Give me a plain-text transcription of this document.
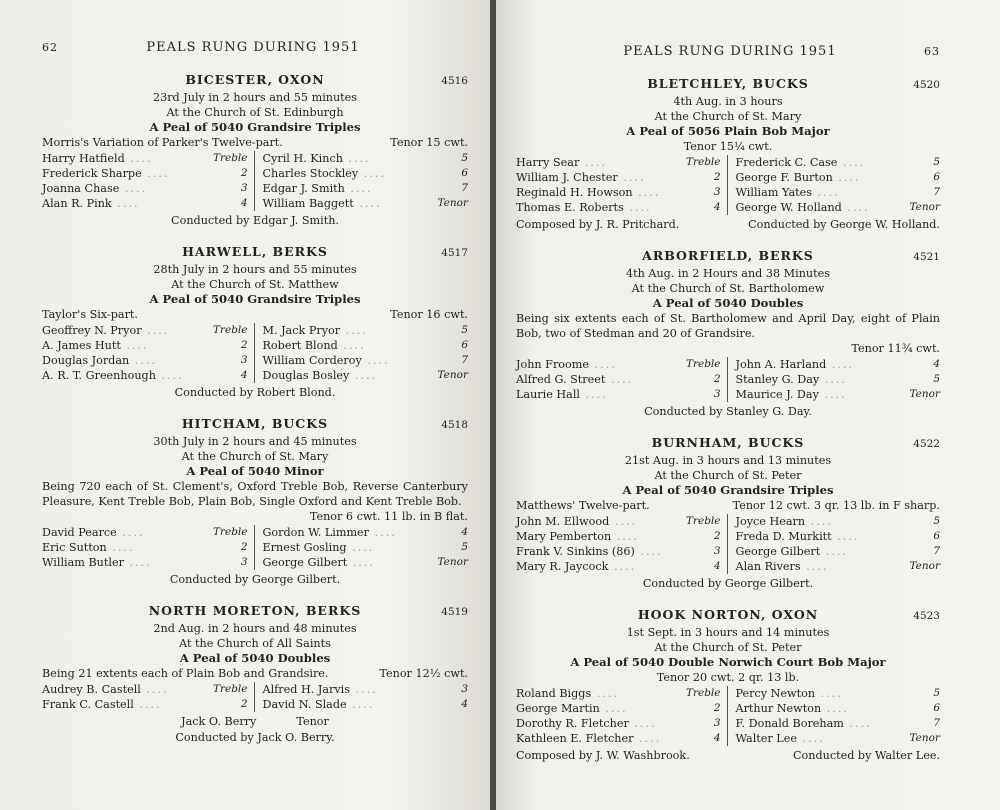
62	PEALS RUNG DURING 1951
BICESTER, OXON	4516
23rd July in 2 hours and 55 minutes
At the Church of St. Edinburgh
A Peal of 5040 Grandsire Triples
Morris's Variation of Parker's Twelve-part.	Tenor 15 cwt.
Harry Hatfield ....	Treble
Frederick Sharpe ....	2
Joanna Chase ....	3
Alan R. Pink ....	4
Cyril H. Kinch ....	5
Charles Stockley ....	6
Edgar J. Smith ....	7
William Baggett ....	Tenor
Conducted by Edgar J. Smith.
HARWELL, BERKS	4517
28th July in 2 hours and 55 minutes
At the Church of St. Matthew
A Peal of 5040 Grandsire Triples
Taylor's Six-part.	Tenor 16 cwt.
Geoffrey N. Pryor ....	Treble
A. James Hutt ....	2
Douglas Jordan ....	3
A. R. T. Greenhough ....	4
M. Jack Pryor ....	5
Robert Blond ....	6
William Corderoy ....	7
Douglas Bosley ....	Tenor
Conducted by Robert Blond.
HITCHAM, BUCKS	4518
30th July in 2 hours and 45 minutes
At the Church of St. Mary
A Peal of 5040 Minor
Being 720 each of St. Clement's, Oxford Treble Bob, Reverse Canterbury Pleasure, Kent Treble Bob, Plain Bob, Single Oxford and Kent Treble Bob.
Tenor 6 cwt. 11 lb. in B flat.
David Pearce ....	Treble
Eric Sutton ....	2
William Butler ....	3
Gordon W. Limmer ....	4
Ernest Gosling ....	5
George Gilbert ....	Tenor
Conducted by George Gilbert.
NORTH MORETON, BERKS	4519
2nd Aug. in 2 hours and 48 minutes
At the Church of All Saints
A Peal of 5040 Doubles
Being 21 extents each of Plain Bob and Grandsire.	Tenor 12½ cwt.
Audrey B. Castell ....	Treble
Frank C. Castell ....	2
Alfred H. Jarvis ....	3
David N. Slade ....	4
Jack O. Berry	Tenor
Conducted by Jack O. Berry.
PEALS RUNG DURING 1951	63
BLETCHLEY, BUCKS	4520
4th Aug. in 3 hours
At the Church of St. Mary
A Peal of 5056 Plain Bob Major
Tenor 15¼ cwt.
Harry Sear ....	Treble
William J. Chester ....	2
Reginald H. Howson ....	3
Thomas E. Roberts ....	4
Frederick C. Case ....	5
George F. Burton ....	6
William Yates ....	7
George W. Holland ....	Tenor
Composed by J. R. Pritchard.	Conducted by George W. Holland.
ARBORFIELD, BERKS	4521
4th Aug. in 2 Hours and 38 Minutes
At the Church of St. Bartholomew
A Peal of 5040 Doubles
Being six extents each of St. Bartholomew and April Day, eight of Plain Bob, two of Stedman and 20 of Grandsire.
Tenor 11¾ cwt.
John Froome ....	Treble
Alfred G. Street ....	2
Laurie Hall ....	3
John A. Harland ....	4
Stanley G. Day ....	5
Maurice J. Day ....	Tenor
Conducted by Stanley G. Day.
BURNHAM, BUCKS	4522
21st Aug. in 3 hours and 13 minutes
At the Church of St. Peter
A Peal of 5040 Grandsire Triples
Matthews' Twelve-part.	Tenor 12 cwt. 3 qr. 13 lb. in F sharp.
John M. Ellwood ....	Treble
Mary Pemberton ....	2
Frank V. Sinkins (86) ....	3
Mary R. Jaycock ....	4
Joyce Hearn ....	5
Freda D. Murkitt ....	6
George Gilbert ....	7
Alan Rivers ....	Tenor
Conducted by George Gilbert.
HOOK NORTON, OXON	4523
1st Sept. in 3 hours and 14 minutes
At the Church of St. Peter
A Peal of 5040 Double Norwich Court Bob Major
Tenor 20 cwt. 2 qr. 13 lb.
Roland Biggs ....	Treble
George Martin ....	2
Dorothy R. Fletcher ....	3
Kathleen E. Fletcher ....	4
Percy Newton ....	5
Arthur Newton ....	6
F. Donald Boreham ....	7
Walter Lee ....	Tenor
Composed by J. W. Washbrook.	Conducted by Walter Lee.
